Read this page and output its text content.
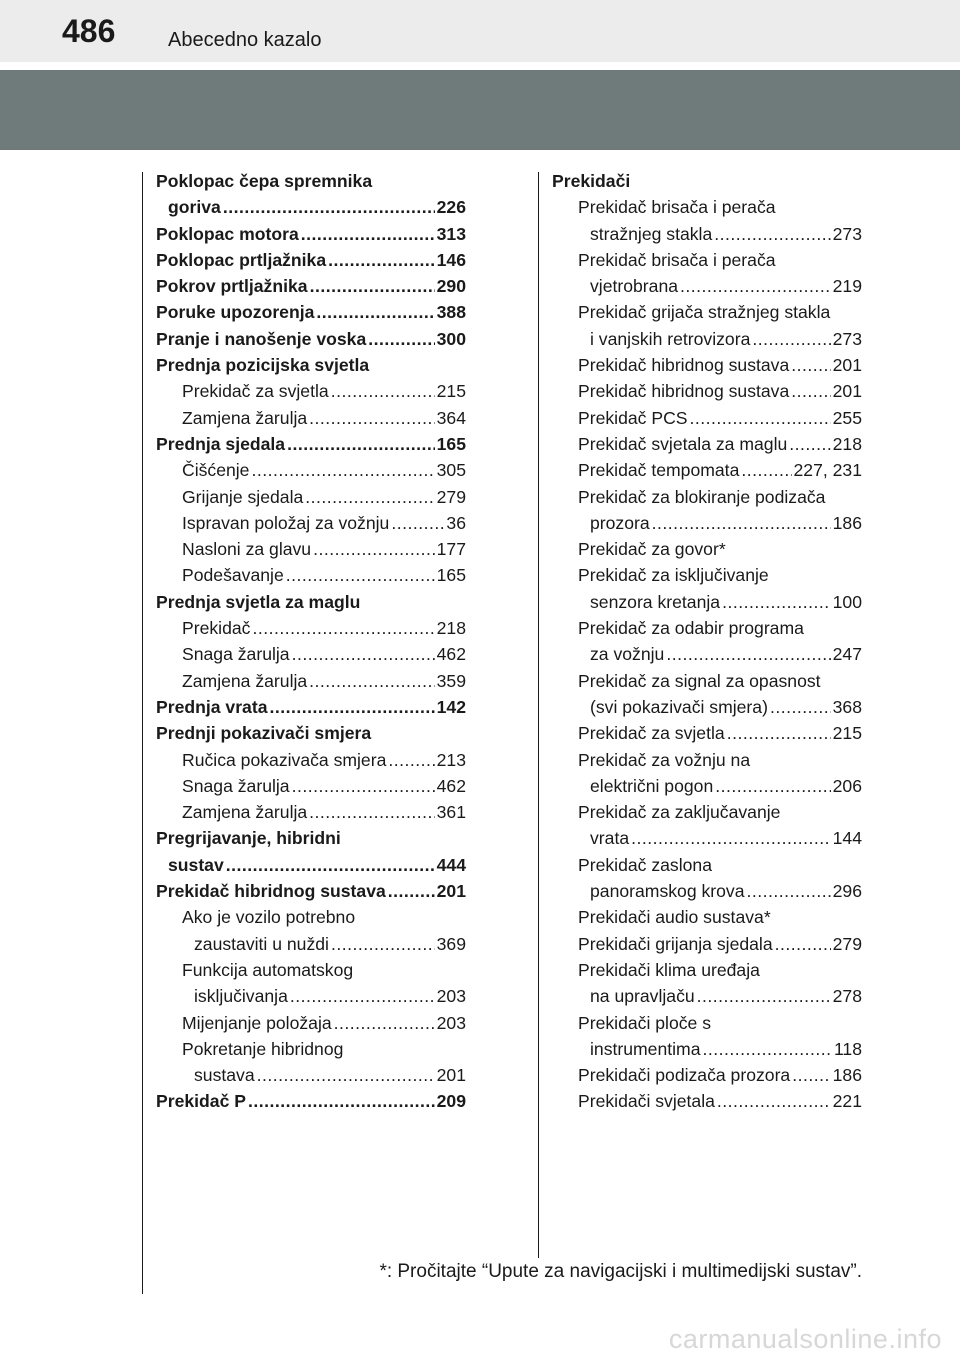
486	Abecedno kazalo
Poklopac čepa spremnika
goriva . . .	226
Poklopac motora . . .	313
Poklopac prtljažnika . . .	146
Pokrov prtljažnika . . .	290
Poruke upozorenja . . .	388
Pranje i nanošenje voska . . .	300
Prednja pozicijska svjetla
Prekidač za svjetla . . .	215
Zamjena žarulja . . .	364
Prednja sjedala . . .	165
Čišćenje . . .	305
Grijanje sjedala . . .	279
Ispravan položaj za vožnju . . .	36
Nasloni za glavu . . .	177
Podešavanje . . .	165
Prednja svjetla za maglu
Prekidač . . .	218
Snaga žarulja . . .	462
Zamjena žarulja . . .	359
Prednja vrata . . .	142
Prednji pokazivači smjera
Ručica pokazivača smjera . . .	213
Snaga žarulja . . .	462
Zamjena žarulja . . .	361
Pregrijavanje, hibridni
sustav . . .	444
Prekidač hibridnog sustava . . .	201
Ako je vozilo potrebno
zaustaviti u nuždi . . .	369
Funkcija automatskog
isključivanja . . .	203
Mijenjanje položaja . . .	203
Pokretanje hibridnog
sustava . . .	201
Prekidač P . . .	209
Prekidači
Prekidač brisača i perača
stražnjeg stakla . . .	273
Prekidač brisača i perača
vjetrobrana . . .	219
Prekidač grijača stražnjeg stakla
i vanjskih retrovizora . . .	273
Prekidač hibridnog sustava . . . 201
Prekidač hibridnog sustava . . . 201
Prekidač PCS . . .	255
Prekidač svjetala za maglu . . .	218
Prekidač tempomata . . .	227, 231
Prekidač za blokiranje podizača
prozora . . .	186
Prekidač za govor*
Prekidač za isključivanje
senzora kretanja . . .	100
Prekidač za odabir programa
za vožnju . . .	247
Prekidač za signal za opasnost
(svi pokazivači smjera) . . .	368
Prekidač za svjetla . . .	215
Prekidač za vožnju na
električni pogon . . .	206
Prekidač za zaključavanje
vrata . . .	144
Prekidač zaslona
panoramskog krova . . .	296
Prekidači audio sustava*
Prekidači grijanja sjedala . . .	279
Prekidači klima uređaja
na upravljaču . . .	278
Prekidači ploče s
instrumentima . . .	118
Prekidači podizača prozora . . . 186
Prekidači svjetala . . .	221
*: Pročitajte “Upute za navigacijski i multimedijski sustav”.
carmanualsonline.info
